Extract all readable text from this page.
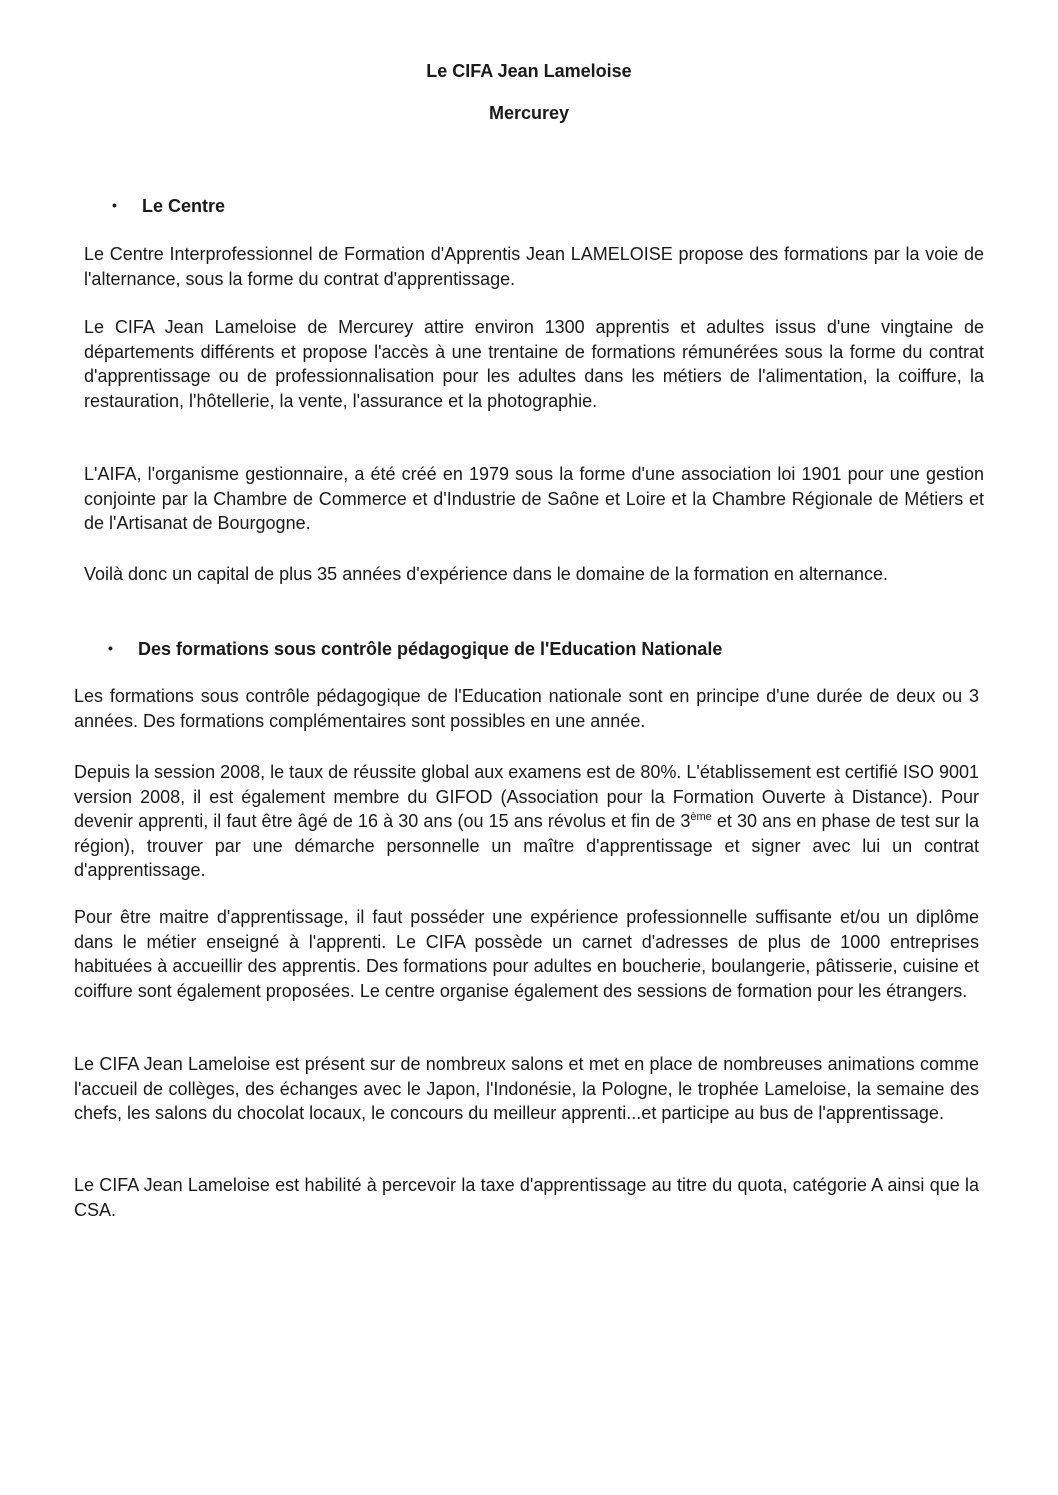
Le CIFA Jean Lameloise
Mercurey
• Le Centre

Le Centre Interprofessionnel de Formation d'Apprentis Jean LAMELOISE propose des formations par la voie de l'alternance, sous la forme du contrat d'apprentissage.

Le CIFA Jean Lameloise de Mercurey attire environ 1300 apprentis et adultes issus d'une vingtaine de départements différents et propose l'accès à une trentaine de formations rémunérées sous la forme du contrat d'apprentissage ou de professionnalisation pour les adultes dans les métiers de l'alimentation, la coiffure, la restauration, l'hôtellerie, la vente, l'assurance et la photographie.

L'AIFA, l'organisme gestionnaire, a été créé en 1979 sous la forme d'une association loi 1901 pour une gestion conjointe par la Chambre de Commerce et d'Industrie de Saône et Loire et la Chambre Régionale de Métiers et de l'Artisanat de Bourgogne.

Voilà donc un capital de plus 35 années d'expérience dans le domaine de la formation en alternance.

• Des formations sous contrôle pédagogique de l'Education Nationale

Les formations sous contrôle pédagogique de l'Education nationale sont en principe d'une durée de deux ou 3 années. Des formations complémentaires sont possibles en une année.

Depuis la session 2008, le taux de réussite global aux examens est de 80%. L'établissement est certifié ISO 9001 version 2008, il est également membre du GIFOD (Association pour la Formation Ouverte à Distance). Pour devenir apprenti, il faut être âgé de 16 à 30 ans (ou 15 ans révolus et fin de 3ème et 30 ans en phase de test sur la région), trouver par une démarche personnelle un maître d'apprentissage et signer avec lui un contrat d'apprentissage.

Pour être maitre d'apprentissage, il faut posséder une expérience professionnelle suffisante et/ou un diplôme dans le métier enseigné à l'apprenti. Le CIFA possède un carnet d'adresses de plus de 1000 entreprises habituées à accueillir des apprentis. Des formations pour adultes en boucherie, boulangerie, pâtisserie, cuisine et coiffure sont également proposées. Le centre organise également des sessions de formation pour les étrangers.

Le CIFA Jean Lameloise est présent sur de nombreux salons et met en place de nombreuses animations comme l'accueil de collèges, des échanges avec le Japon, l'Indonésie, la Pologne, le trophée Lameloise, la semaine des chefs, les salons du chocolat locaux, le concours du meilleur apprenti...et participe au bus de l'apprentissage.

Le CIFA Jean Lameloise est habilité à percevoir la taxe d'apprentissage au titre du quota, catégorie A ainsi que la CSA.
